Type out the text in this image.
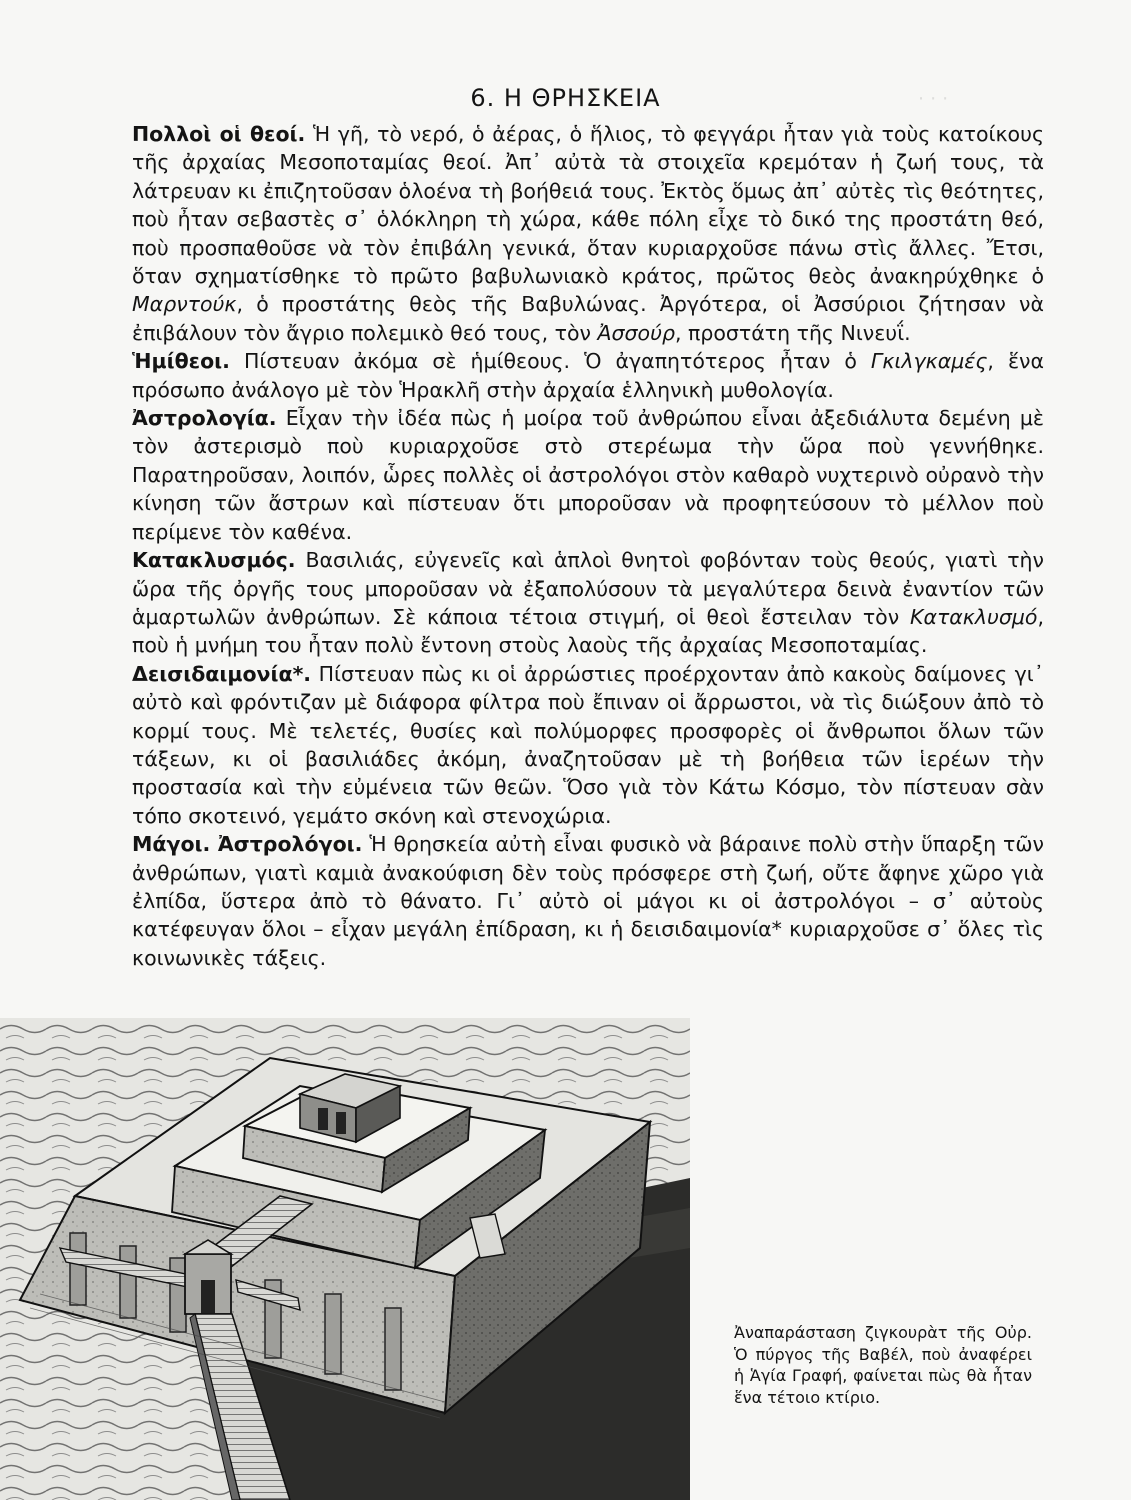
· · ·
6. Η ΘΡΗΣΚΕΙΑ

Πολλοὶ οἱ θεοί. Ἡ γῆ, τὸ νερό, ὁ ἀέρας, ὁ ἥλιος, τὸ φεγγάρι ἦταν γιὰ τοὺς κατοίκους τῆς ἀρχαίας Μεσοποταμίας θεοί. Ἀπ᾽ αὐτὰ τὰ στοιχεῖα κρεμόταν ἡ ζωή τους, τὰ λάτρευαν κι ἐπιζητοῦσαν ὁλοένα τὴ βοήθειά τους. Ἐκτὸς ὅμως ἀπ᾽ αὐτὲς τὶς θεότητες, ποὺ ἦταν σεβαστὲς σ᾽ ὁλόκληρη τὴ χώρα, κάθε πόλη εἶχε τὸ δικό της προστάτη θεό, ποὺ προσπαθοῦσε νὰ τὸν ἐπιβάλη γενικά, ὅταν κυριαρχοῦσε πάνω στὶς ἄλλες. Ἔτσι, ὅταν σχηματίσθηκε τὸ πρῶτο βαβυλωνιακὸ κράτος, πρῶτος θεὸς ἀνακηρύχθηκε ὁ Μαρντούκ, ὁ προστάτης θεὸς τῆς Βαβυλώνας. Ἀργότερα, οἱ Ἀσσύριοι ζήτησαν νὰ ἐπιβάλουν τὸν ἄγριο πολεμικὸ θεό τους, τὸν Ἀσσούρ, προστάτη τῆς Νινευΐ.

Ἡμίθεοι. Πίστευαν ἀκόμα σὲ ἡμίθεους. Ὁ ἀγαπητότερος ἦταν ὁ Γκιλγκαμές, ἕνα πρόσωπο ἀνάλογο μὲ τὸν Ἡρακλῆ στὴν ἀρχαία ἑλληνικὴ μυθολογία.

Ἀστρολογία. Εἶχαν τὴν ἰδέα πὼς ἡ μοίρα τοῦ ἀνθρώπου εἶναι ἀξεδιάλυτα δεμένη μὲ τὸν ἀστερισμὸ ποὺ κυριαρχοῦσε στὸ στερέωμα τὴν ὥρα ποὺ γεννήθηκε. Παρατηροῦσαν, λοιπόν, ὧρες πολλὲς οἱ ἀστρολόγοι στὸν καθαρὸ νυχτερινὸ οὐρανὸ τὴν κίνηση τῶν ἄστρων καὶ πίστευαν ὅτι μποροῦσαν νὰ προφητεύσουν τὸ μέλλον ποὺ περίμενε τὸν καθένα.

Κατακλυσμός. Βασιλιάς, εὐγενεῖς καὶ ἁπλοὶ θνητοὶ φοβόνταν τοὺς θεούς, γιατὶ τὴν ὥρα τῆς ὀργῆς τους μποροῦσαν νὰ ἐξαπολύσουν τὰ μεγαλύτερα δεινὰ ἐναντίον τῶν ἁμαρτωλῶν ἀνθρώπων. Σὲ κάποια τέτοια στιγμή, οἱ θεοὶ ἔστειλαν τὸν Κατακλυσμό, ποὺ ἡ μνήμη του ἦταν πολὺ ἔντονη στοὺς λαοὺς τῆς ἀρχαίας Μεσοποταμίας.

Δεισιδαιμονία*. Πίστευαν πὼς κι οἱ ἀρρώστιες προέρχονταν ἀπὸ κακοὺς δαίμονες γι᾽ αὐτὸ καὶ φρόντιζαν μὲ διάφορα φίλτρα ποὺ ἔπιναν οἱ ἄρρωστοι, νὰ τὶς διώξουν ἀπὸ τὸ κορμί τους. Μὲ τελετές, θυσίες καὶ πολύμορφες προσφορὲς οἱ ἄνθρωποι ὅλων τῶν τάξεων, κι οἱ βασιλιάδες ἀκόμη, ἀναζητοῦσαν μὲ τὴ βοήθεια τῶν ἱερέων τὴν προστασία καὶ τὴν εὐμένεια τῶν θεῶν. Ὅσο γιὰ τὸν Κάτω Κόσμο, τὸν πίστευαν σὰν τόπο σκοτεινό, γεμάτο σκόνη καὶ στενοχώρια.

Μάγοι. Ἀστρολόγοι. Ἡ θρησκεία αὐτὴ εἶναι φυσικὸ νὰ βάραινε πολὺ στὴν ὕπαρξη τῶν ἀνθρώπων, γιατὶ καμιὰ ἀνακούφιση δὲν τοὺς πρόσφερε στὴ ζωή, οὔτε ἄφηνε χῶρο γιὰ ἐλπίδα, ὕστερα ἀπὸ τὸ θάνατο. Γι᾽ αὐτὸ οἱ μάγοι κι οἱ ἀστρολόγοι – σ᾽ αὐτοὺς κατέφευγαν ὅλοι – εἶχαν μεγάλη ἐπίδραση, κι ἡ δεισιδαιμονία* κυριαρχοῦσε σ᾽ ὅλες τὶς κοινωνικὲς τάξεις.

Ἀναπαράσταση ζιγκουρὰτ τῆς Οὐρ. Ὁ πύργος τῆς Βαβέλ, ποὺ ἀναφέρει ἡ Ἁγία Γραφή, φαίνεται πὼς θὰ ἦταν ἕνα τέτοιο κτίριο.
